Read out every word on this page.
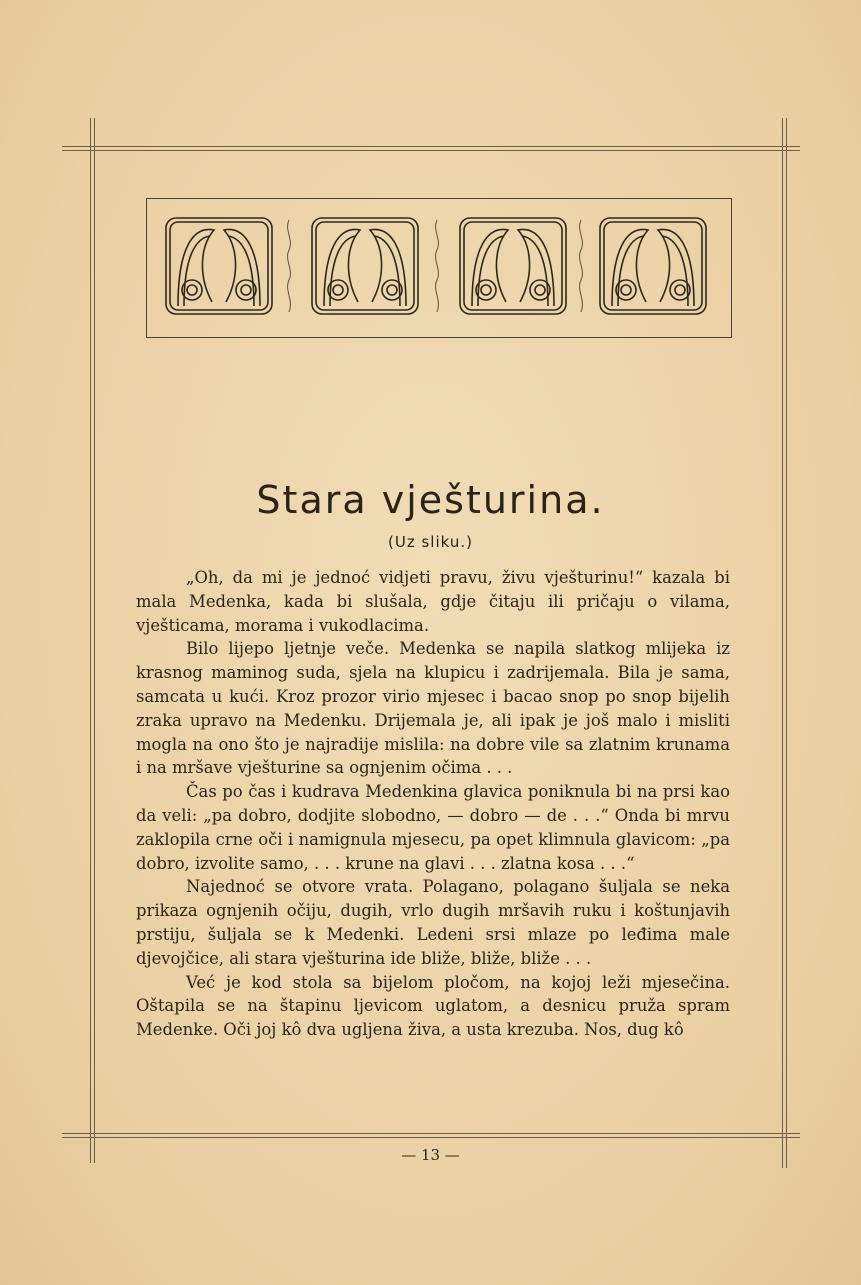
Stara vješturina.
(Uz sliku.)

„Oh, da mi je jednoć vidjeti pravu, živu vješturinu!“ kazala bi mala Medenka, kada bi slušala, gdje čitaju ili pričaju o vilama, vješticama, morama i vukodlacima.

Bilo lijepo ljetnje veče. Medenka se napila slatkog mlijeka iz krasnog maminog suda, sjela na klupicu i zadrijemala. Bila je sama, samcata u kući. Kroz prozor virio mjesec i bacao snop po snop bijelih zraka upravo na Medenku. Drijemala je, ali ipak je još malo i misliti mogla na ono što je najradije mislila: na dobre vile sa zlatnim krunama i na mršave vješturine sa ognjenim očima . . .

Čas po čas i kudrava Medenkina glavica poniknula bi na prsi kao da veli: „pa dobro, dodjite slobodno, — dobro — de . . .“ Onda bi mrvu zaklopila crne oči i namignula mjesecu, pa opet klimnula glavicom: „pa dobro, izvolite samo, . . . krune na glavi . . . zlatna kosa . . .“

Najednoć se otvore vrata. Polagano, polagano šuljala se neka prikaza ognjenih očiju, dugih, vrlo dugih mršavih ruku i koštunjavih prstiju, šuljala se k Medenki. Ledeni srsi mlaze po leđima male djevojčice, ali stara vješturina ide bliže, bliže, bliže . . .

Već je kod stola sa bijelom pločom, na kojoj leži mjesečina. Oštapila se na štapinu ljevicom uglatom, a desnicu pruža spram Medenke. Oči joj kô dva ugljena živa, a usta krezuba. Nos, dug kô

— 13 —
